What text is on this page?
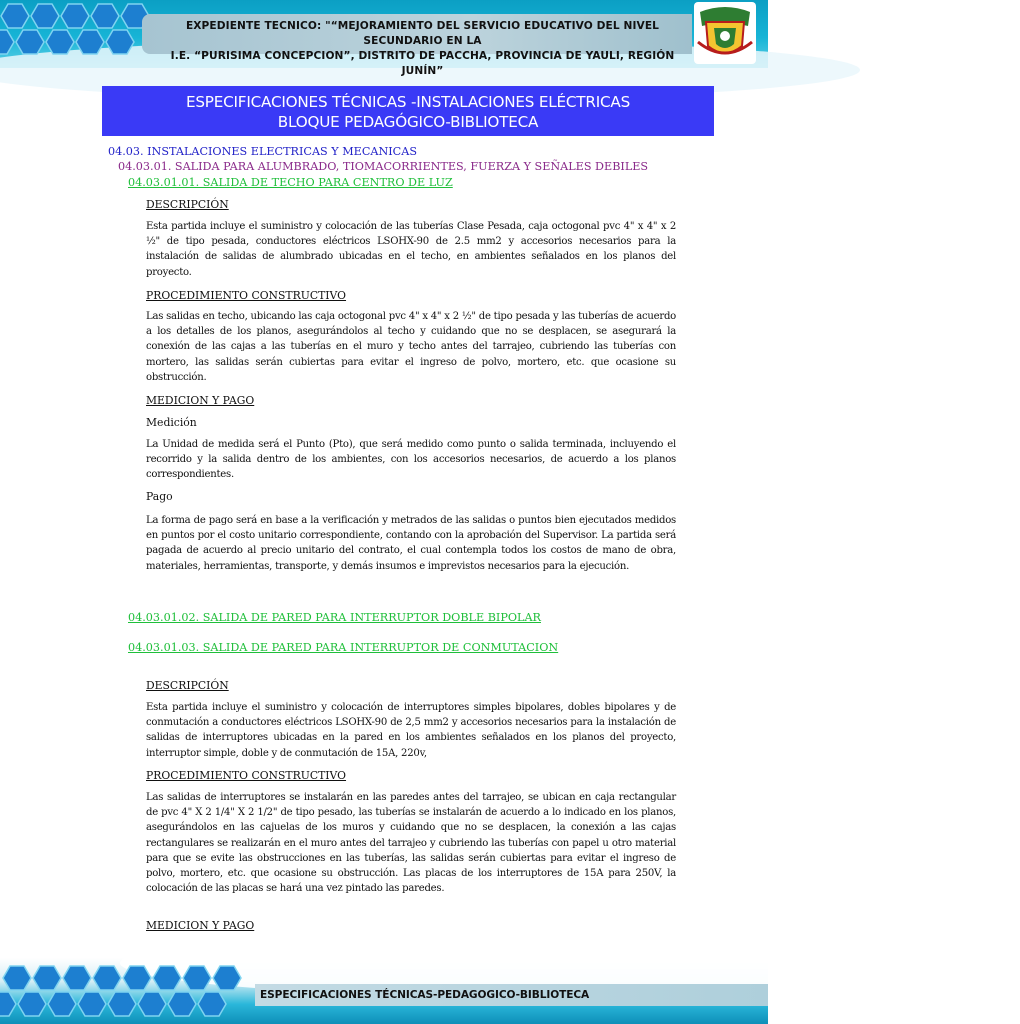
EXPEDIENTE TECNICO: "“MEJORAMIENTO DEL SERVICIO EDUCATIVO DEL NIVEL SECUNDARIO EN LA
I.E. “PURISIMA CONCEPCION”, DISTRITO DE PACCHA, PROVINCIA DE YAULI, REGIÓN JUNÍN”
ESPECIFICACIONES TÉCNICAS -INSTALACIONES ELÉCTRICAS
BLOQUE PEDAGÓGICO-BIBLIOTECA
04.03. INSTALACIONES ELECTRICAS Y MECANICAS
04.03.01. SALIDA PARA ALUMBRADO, TIOMACORRIENTES, FUERZA Y SEÑALES DEBILES
04.03.01.01. SALIDA DE TECHO PARA CENTRO DE LUZ
DESCRIPCIÓN
Esta partida incluye el suministro y colocación de las tuberías Clase Pesada, caja octogonal pvc 4" x 4" x 2 ½" de tipo pesada, conductores eléctricos LSOHX-90 de 2.5 mm2 y accesorios necesarios para la instalación de salidas de alumbrado ubicadas en el techo, en ambientes señalados en los planos del proyecto.
PROCEDIMIENTO CONSTRUCTIVO
Las salidas en techo, ubicando las caja octogonal pvc 4" x 4" x 2 ½" de tipo pesada y las tuberías de acuerdo a los detalles de los planos, asegurándolos al techo y cuidando que no se desplacen, se asegurará la conexión de las cajas a las tuberías en el muro y techo antes del tarrajeo, cubriendo las tuberías con mortero, las salidas serán cubiertas para evitar el ingreso de polvo, mortero, etc. que ocasione su obstrucción.
MEDICION Y PAGO
Medición
La Unidad de medida será el Punto (Pto), que será medido como punto o salida terminada, incluyendo el recorrido y la salida dentro de los ambientes, con los accesorios necesarios, de acuerdo a los planos correspondientes.
Pago
La forma de pago será en base a la verificación y metrados de las salidas o puntos bien ejecutados medidos en puntos por el costo unitario correspondiente, contando con la aprobación del Supervisor. La partida será pagada de acuerdo al precio unitario del contrato, el cual contempla todos los costos de mano de obra, materiales, herramientas, transporte, y demás insumos e imprevistos necesarios para la ejecución.
04.03.01.02. SALIDA DE PARED PARA INTERRUPTOR DOBLE BIPOLAR
04.03.01.03. SALIDA DE PARED PARA INTERRUPTOR DE CONMUTACION
DESCRIPCIÓN
Esta partida incluye el suministro y colocación de interruptores simples bipolares, dobles bipolares y de conmutación a conductores eléctricos LSOHX-90 de 2,5 mm2 y accesorios necesarios para la instalación de salidas de interruptores ubicadas en la pared en los ambientes señalados en los planos del proyecto, interruptor simple, doble y de conmutación de 15A, 220v,
PROCEDIMIENTO CONSTRUCTIVO
Las salidas de interruptores se instalarán en las paredes antes del tarrajeo, se ubican en caja rectangular de pvc 4" X 2 1/4" X 2 1/2" de tipo pesado, las tuberías se instalarán de acuerdo a lo indicado en los planos, asegurándolos en las cajuelas de los muros y cuidando que no se desplacen, la conexión a las cajas rectangulares se realizarán en el muro antes del tarrajeo y cubriendo las tuberías con papel u otro material para que se evite las obstrucciones en las tuberías, las salidas serán cubiertas para evitar el ingreso de polvo, mortero, etc. que ocasione su obstrucción. Las placas de los interruptores de 15A para 250V, la colocación de las placas se hará una vez pintado las paredes.
MEDICION Y PAGO
ESPECIFICACIONES TÉCNICAS-PEDAGOGICO-BIBLIOTECA
